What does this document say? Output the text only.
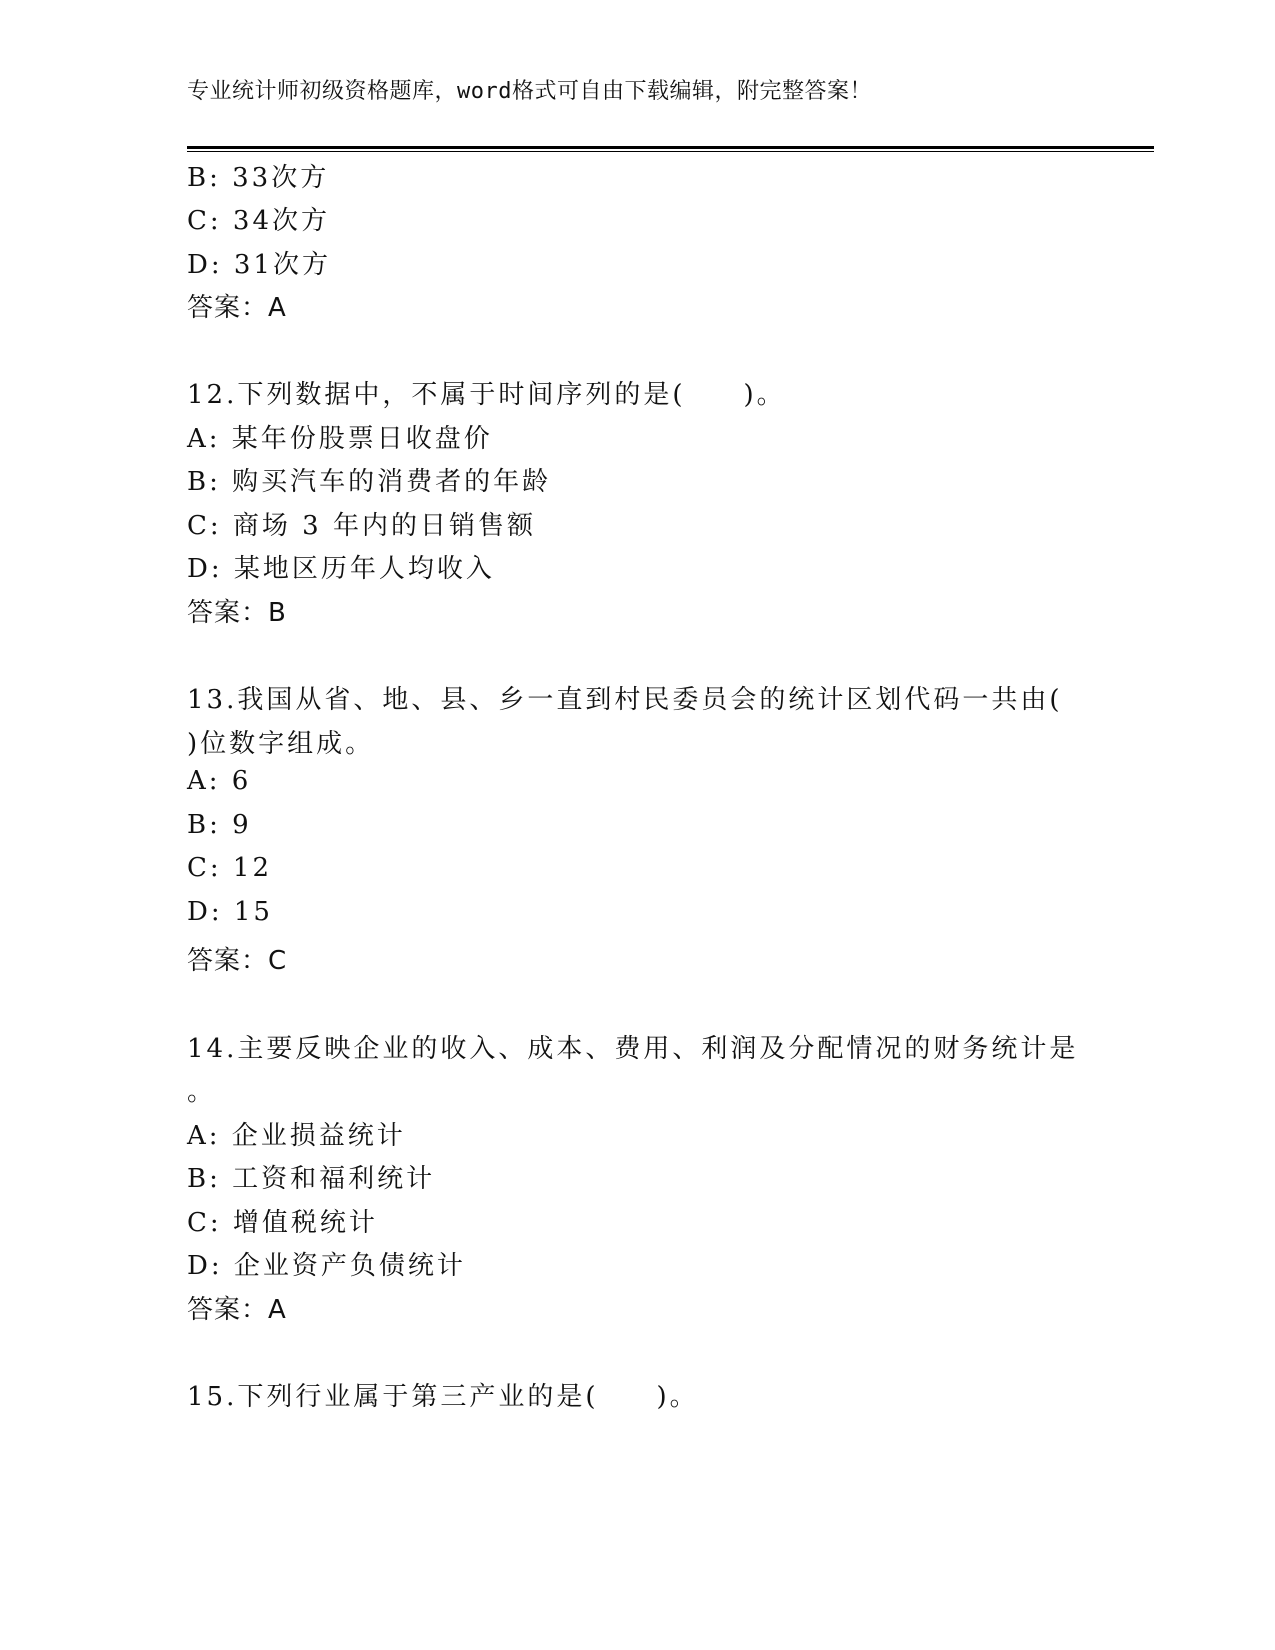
专业统计师初级资格题库，word格式可自由下载编辑，附完整答案！
B: 33次方
C: 34次方
D: 31次方
答案：A
12.下列数据中，不属于时间序列的是(　　)。
A: 某年份股票日收盘价
B: 购买汽车的消费者的年龄
C: 商场 3 年内的日销售额
D: 某地区历年人均收入
答案：B
13.我国从省、地、县、乡一直到村民委员会的统计区划代码一共由(
)位数字组成。
A: 6
B: 9
C: 12
D: 15
答案：C
14.主要反映企业的收入、成本、费用、利润及分配情况的财务统计是
。
A: 企业损益统计
B: 工资和福利统计
C: 增值税统计
D: 企业资产负债统计
答案：A
15.下列行业属于第三产业的是(　　)。
